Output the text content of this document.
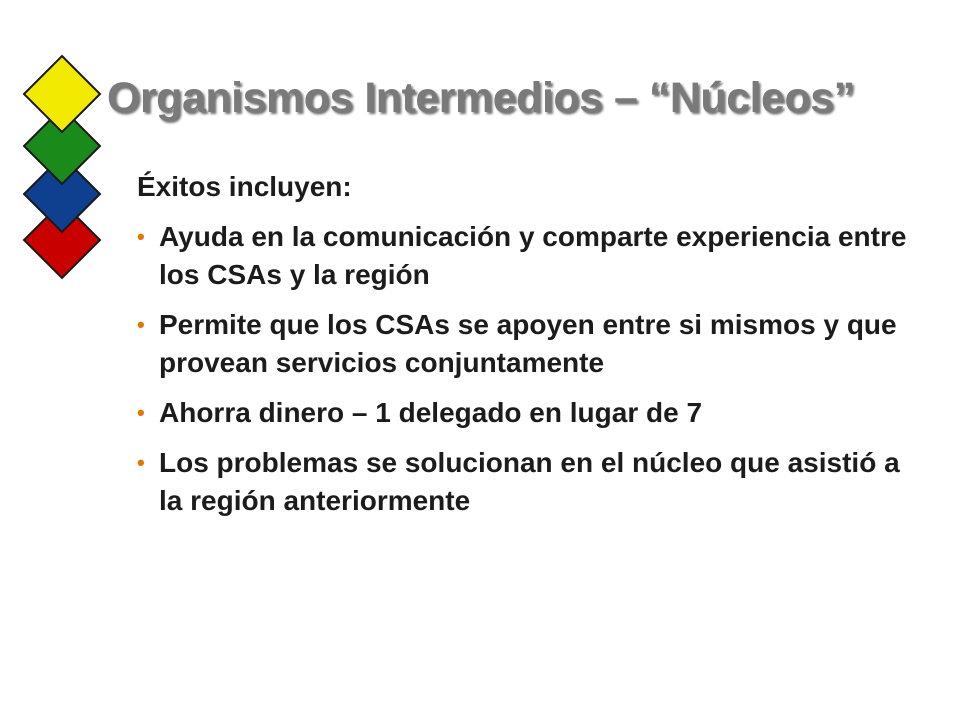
Organismos Intermedios – “Núcleos”

Éxitos incluyen:

• Ayuda en la comunicación y comparte experiencia entre los CSAs y la región
• Permite que los CSAs se apoyen entre si mismos y que provean servicios conjuntamente
• Ahorra dinero – 1 delegado en lugar de 7
• Los problemas se solucionan en el núcleo que asistió a la región anteriormente
